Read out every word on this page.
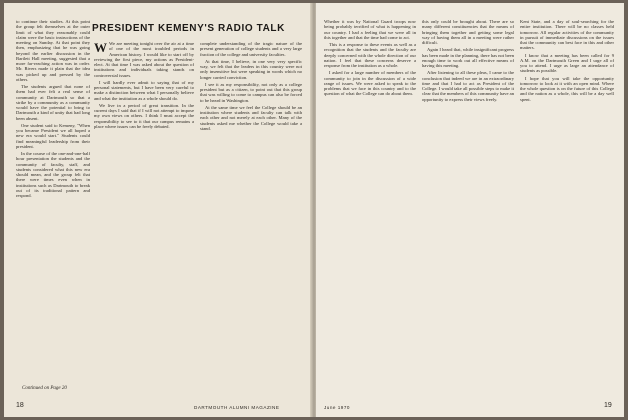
to continue their studies. At this point the group felt themselves at the outer limit of what they reasonably could claim were the basic instructions of the meeting on Sunday. At that point they then, emphasizing that he was going beyond the earlier discussion in the Bartlett Hall meeting, suggested that a more far-reaching action was in order. Mr. Rivers made it plain that the idea was picked up and pressed by the others.

The students argued that none of them had ever felt a real sense of community at Dartmouth so that a strike by a community as a community would have the potential to bring to Dartmouth a kind of unity that had long been absent.

One student said to Kemeny, "When you became President we all hoped a new era would start." Students could find meaningful leadership from their president.

In the course of the one-and-one-half hour presentation the students and the community of faculty, staff, and students considered what this new era should mean, and the group felt that there were times even when in institutions such as Dartmouth to break out of its traditional pattern and respond.

Continued on Page 20
PRESIDENT KEMENY'S RADIO TALK

W We are meeting tonight over the air at a time of one of the most troubled periods in American history. I would like to start off by reviewing the first piece, my actions as President-elect. At that time I was asked about the question of institutions and individuals taking stands on controversial issues.

I will hardly ever admit to saying that of my personal statements, but I have been very careful to make a distinction between what I personally believe and what the institution as a whole should do.

We live in a period of great transition. In the current days I said that if I will not attempt to impose my own views on others. I think I must accept the responsibility to see to it that our campus remains a place where issues can be freely debated.

complete understanding of the tragic nature of the present generation of college students and a very large fraction of the college and university faculties.

At that time, I believe, in one very very specific way, we felt that the leaders in this country were not only insensitive but were speaking in words which no longer carried conviction.

I see it as my responsibility, not only as a college president but as a citizen, to point out that this group that was willing to come to campus can also be forced to be heard in Washington.

At the same time we feel the College should be an institution where students and faculty can talk with each other and not merely at each other. Many of the students asked me whether the College would take a stand.

18	DARTMOUTH ALUMNI MAGAZINE

Whether it was by National Guard troops now being probably terrified of what is happening in our country. I had a feeling that we were all in this together and that the time had come to act.

This is a response to these events as well as a recognition that the students and the faculty are deeply concerned with the whole direction of our nation. I feel that these concerns deserve a response from the institution as a whole.

I asked for a large number of members of the community to join in the discussion of a wide range of issues. We were asked to speak to the problems that we face in this country and to the question of what the College can do about them.

this only could be brought about. There are so many different constituencies that the means of bringing them together and getting some legal way of having them all in a meeting were rather difficult.

Again I heard that, while insignificant progress has been made in the planning, there has not been enough time to work out all effective means of having this meeting.

After listening to all these pleas, I came to the conclusion that indeed we are in an extraordinary time and that I had to act as President of the College. I would take all possible steps to make it clear that the members of this community have an opportunity to express their views freely.

Kent State, and a day of soul-searching for the entire institution. There will be no classes held tomorrow. All regular activities of the community in pursuit of immediate discussions on the issues that the community can best face in this and other matters.

I know that a meeting has been called for 9 A.M. on the Dartmouth Green and I urge all of you to attend. I urge as large an attendance of students as possible.

I hope that you will take the opportunity tomorrow to look at it with an open mind. Where the whole question is on the future of this College and the nation as a whole, this will be a day well spent.

June 1970	19
